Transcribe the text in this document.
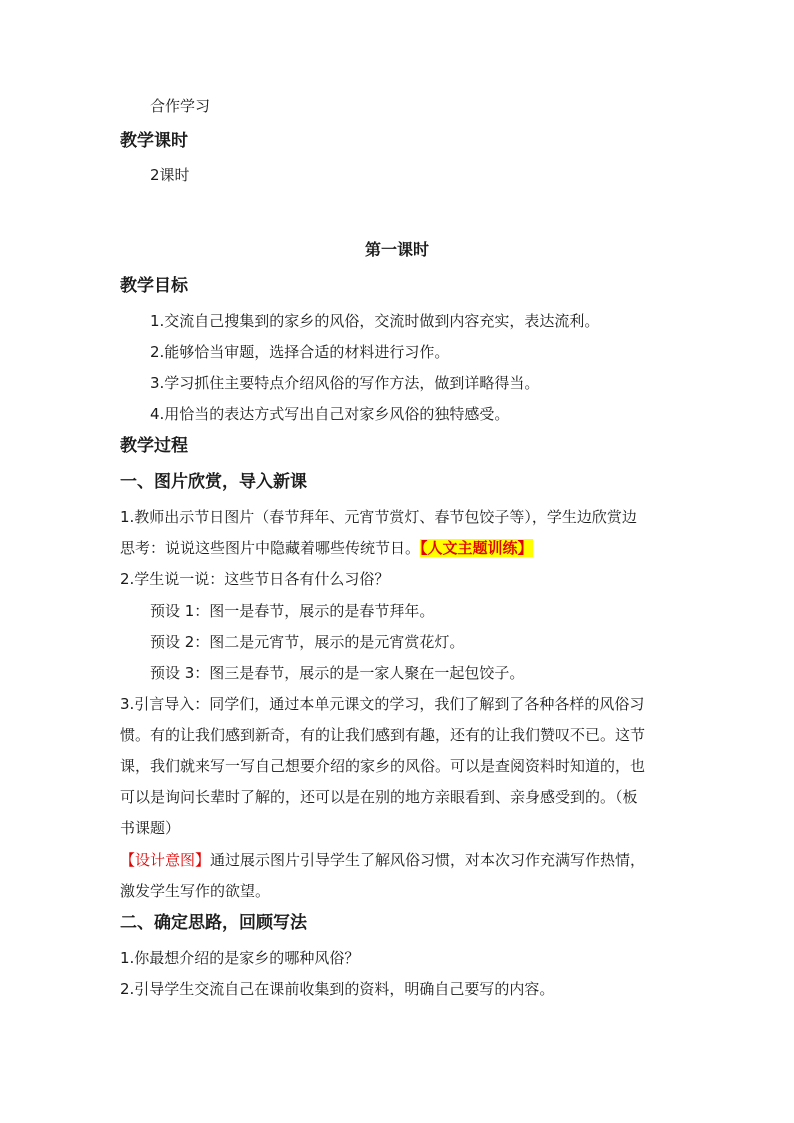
合作学习
教学课时
2课时
第一课时
教学目标
1.交流自己搜集到的家乡的风俗，交流时做到内容充实，表达流利。
2.能够恰当审题，选择合适的材料进行习作。
3.学习抓住主要特点介绍风俗的写作方法，做到详略得当。
4.用恰当的表达方式写出自己对家乡风俗的独特感受。
教学过程
一、图片欣赏，导入新课
1.教师出示节日图片（春节拜年、元宵节赏灯、春节包饺子等），学生边欣赏边
思考：说说这些图片中隐藏着哪些传统节日。【人文主题训练】
2.学生说一说：这些节日各有什么习俗？
预设 1：图一是春节，展示的是春节拜年。
预设 2：图二是元宵节，展示的是元宵赏花灯。
预设 3：图三是春节，展示的是一家人聚在一起包饺子。
3.引言导入：同学们，通过本单元课文的学习，我们了解到了各种各样的风俗习
惯。有的让我们感到新奇，有的让我们感到有趣，还有的让我们赞叹不已。这节
课，我们就来写一写自己想要介绍的家乡的风俗。可以是查阅资料时知道的，也
可以是询问长辈时了解的，还可以是在别的地方亲眼看到、亲身感受到的。（板
书课题）
【设计意图】通过展示图片引导学生了解风俗习惯，对本次习作充满写作热情，
激发学生写作的欲望。
二、确定思路，回顾写法
1.你最想介绍的是家乡的哪种风俗？
2.引导学生交流自己在课前收集到的资料，明确自己要写的内容。
